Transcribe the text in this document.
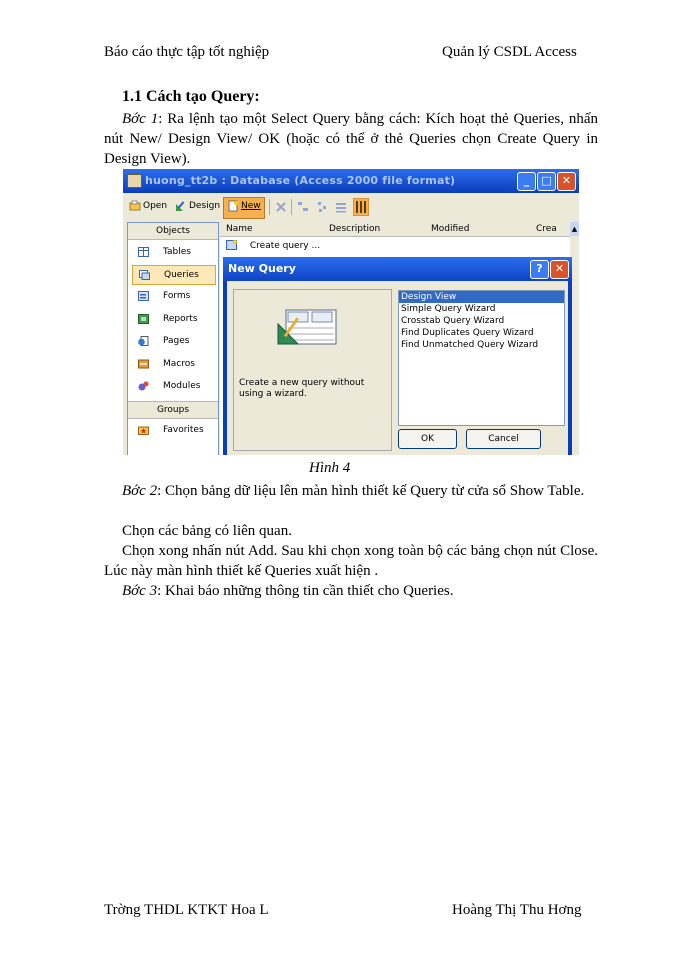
Báo cáo thực tập tốt nghiệp	Quản lý CSDL Access
1.1 Cách tạo Query:
Bớc 1: Ra lệnh tạo một Select Query bằng cách: Kích hoạt thẻ Queries, nhấn nút New/ Design View/ OK (hoặc có thể ở thẻ Queries chọn Create Query in Design View).
huong_tt2b : Database (Access 2000 file format)	_	□ ✕
Open Design New
Objects
Tables
Queries
Forms
Reports
Pages
Macros
Modules
Groups
Favorites
Name	Description	Modified	Crea
Create query ...
▲
New Query	?	✕
Create a new query without using a wizard.
Design View
Simple Query Wizard
Crosstab Query Wizard
Find Duplicates Query Wizard
Find Unmatched Query Wizard
OK	Cancel
Hình 4
Bớc 2: Chọn bảng dữ liệu lên màn hình thiết kế Query từ cửa sổ Show Table.
Chọn các bảng có liên quan.
Chọn xong nhấn nút Add. Sau khi chọn xong toàn bộ các bảng chọn nút Close. Lúc này màn hình thiết kế Queries xuất hiện .
Bớc 3: Khai báo những thông tin cần thiết cho Queries.
Trờng THDL KTKT Hoa L	Hoàng Thị Thu Hơng
